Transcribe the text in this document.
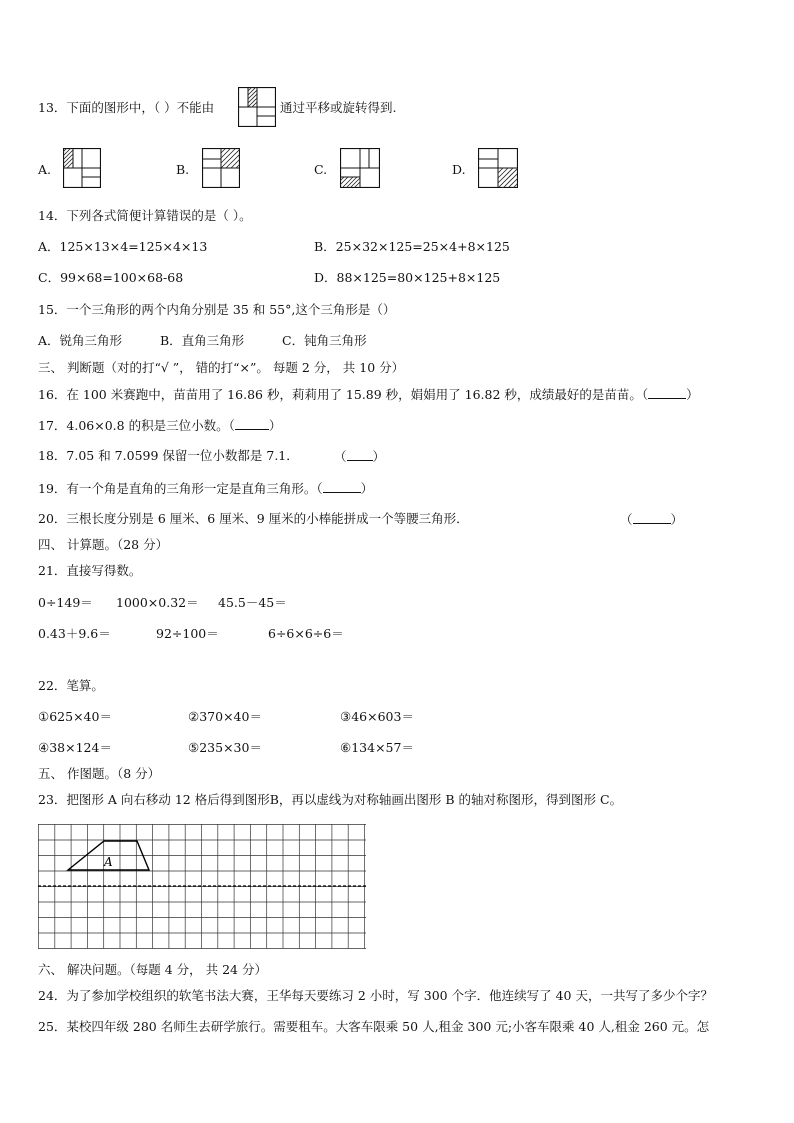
13．下面的图形中，（ ）不能由	通过平移或旋转得到.
A.	B.	C.	D.
14．下列各式简便计算错误的是（ ）。
A．125×13×4=125×4×13	B．25×32×125=25×4+8×125
C．99×68=100×68-68	D．88×125=80×125+8×125
15．一个三角形的两个内角分别是 35 和 55°,这个三角形是（）
A．锐角三角形	B．直角三角形	C．钝角三角形
三、 判断题（对的打“√ ”， 错的打“×”。 每题 2 分， 共 10 分）
16．在 100 米赛跑中，苗苗用了 16.86 秒，莉莉用了 15.89 秒，娟娟用了 16.82 秒，成绩最好的是苗苗。（	）
17．4.06×0.8 的积是三位小数。（	）
18．7.05 和 7.0599 保留一位小数都是 7.1．	（ ）
19．有一个角是直角的三角形一定是直角三角形。（	）
20．三根长度分别是 6 厘米、6 厘米、9 厘米的小棒能拼成一个等腰三角形．	（	）
四、 计算题。（28 分）
21．直接写得数。
0÷149＝ 1000×0.32＝ 45.5－45＝
0.43＋9.6＝	92÷100＝	6÷6×6÷6＝
22．笔算。
①625×40＝	②370×40＝	③46×603＝
④38×124＝	⑤235×30＝	⑥134×57＝
五、 作图题。（8 分）
23．把图形 A 向右移动 12 格后得到图形B，再以虚线为对称轴画出图形 B 的轴对称图形，得到图形 C。
A
六、 解决问题。（每题 4 分， 共 24 分）
24．为了参加学校组织的软笔书法大赛，王华每天要练习 2 小时，写 300 个字．他连续写了 40 天，一共写了多少个字？
25．某校四年级 280 名师生去研学旅行。需要租车。大客车限乘 50 人,租金 300 元;小客车限乘 40 人,租金 260 元。怎
